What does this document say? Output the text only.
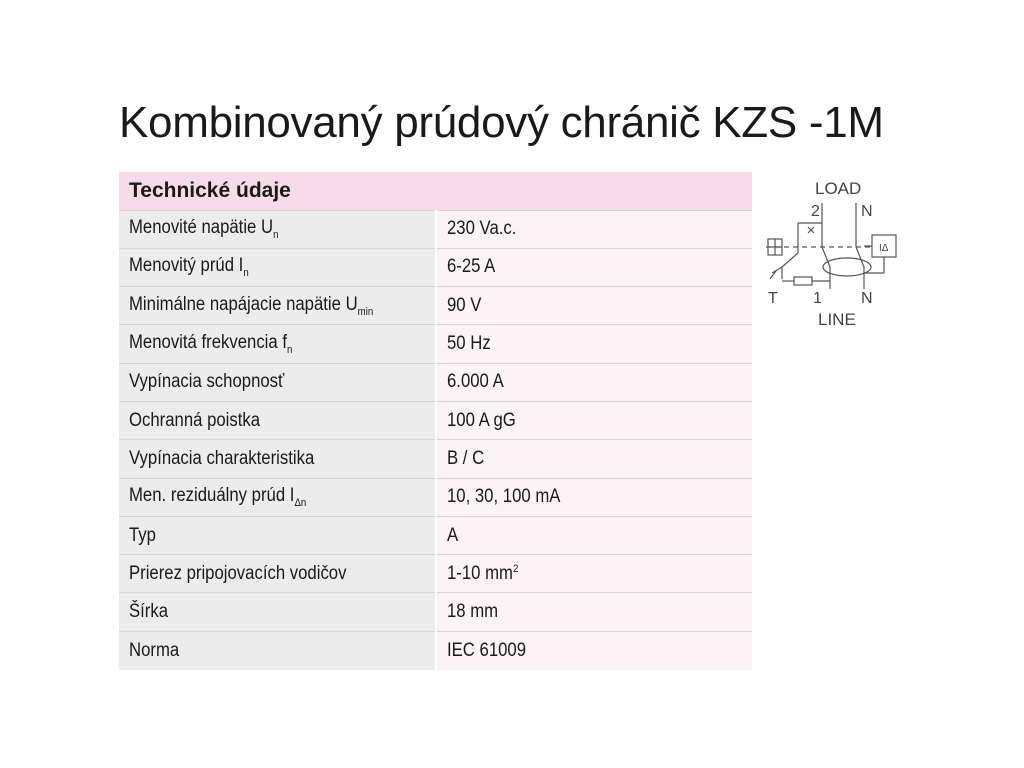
Kombinovaný prúdový chránič KZS -1M
Technické údaje	
Menovité napätie $U_n$	230 Va.c.
Menovitý prúd $I_n$	6-25 A
Minimálne napájacie napätie $U_{min}$	90 V
Menovitá frekvencia $f_n$	50 Hz
Vypínacia schopnosť	6.000 A
Ochranná poistka	100 A gG
Vypínacia charakteristika	B / C
Men. reziduálny prúd $I_{\Delta n}$	10, 30, 100 mA
Typ	A
Prierez pripojovacích vodičov	1-10 $mm^2$
Šírka	18 mm
Norma	IEC 61009
LOAD
2	N
IΔ
T 1 N
LINE
